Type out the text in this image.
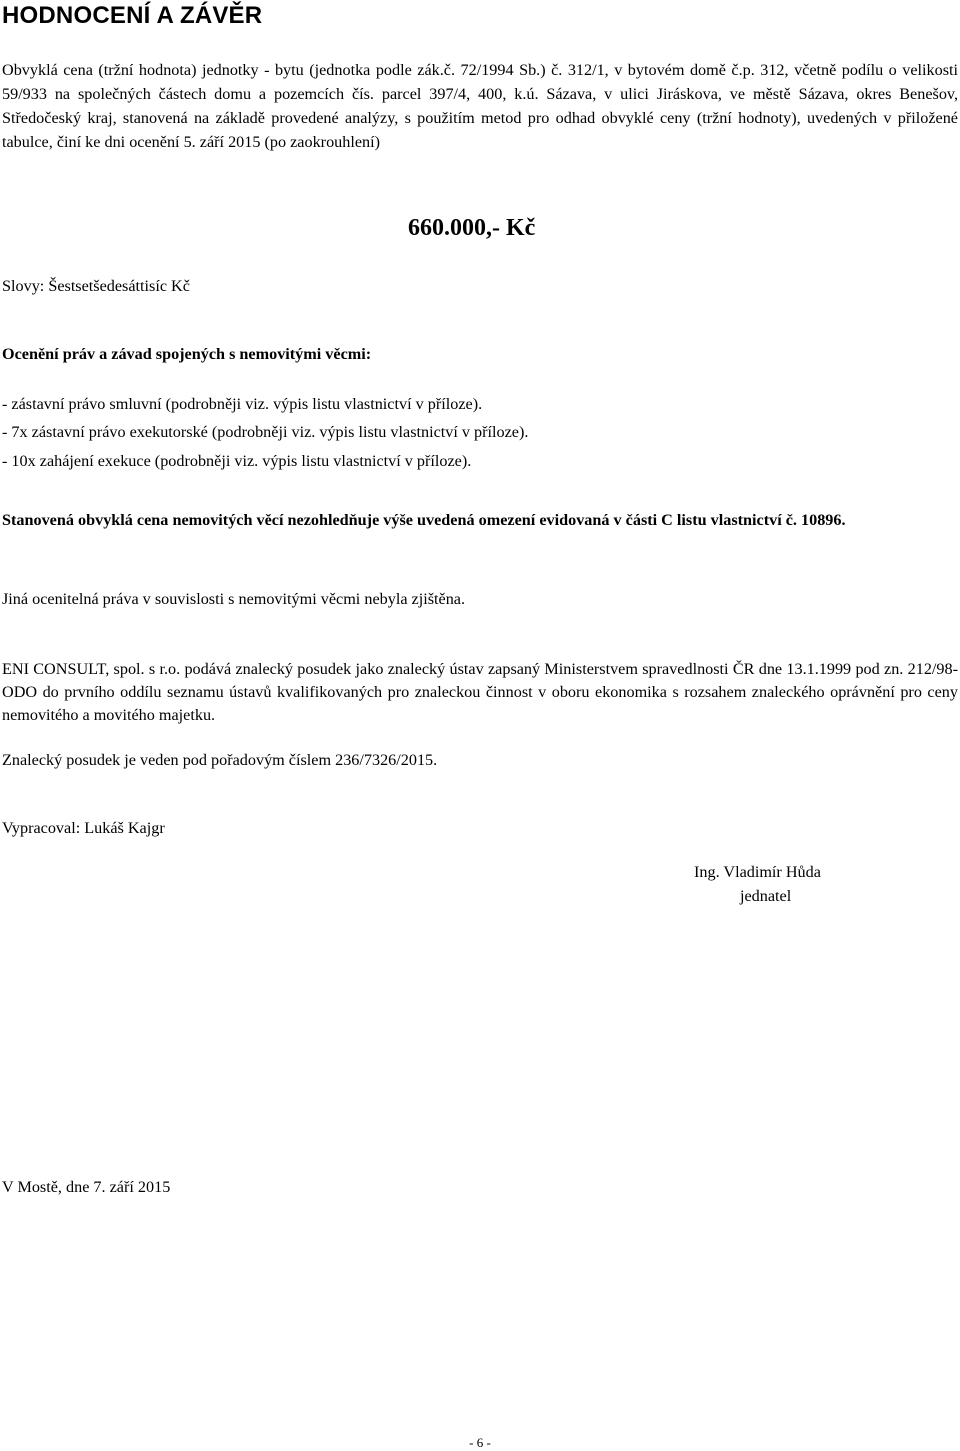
HODNOCENÍ A ZÁVĚR
Obvyklá cena (tržní hodnota) jednotky - bytu (jednotka podle zák.č. 72/1994 Sb.) č. 312/1, v bytovém domě č.p. 312, včetně podílu o velikosti 59/933 na společných částech domu a pozemcích čís. parcel 397/4, 400, k.ú. Sázava, v ulici Jiráskova, ve městě Sázava, okres Benešov, Středočeský kraj, stanovená na základě provedené analýzy, s použitím metod pro odhad obvyklé ceny (tržní hodnoty), uvedených v přiložené tabulce, činí ke dni ocenění 5. září 2015 (po zaokrouhlení)
660.000,- Kč
Slovy: Šestsetšedesáttisíc Kč
Ocenění práv a závad spojených s nemovitými věcmi:
- zástavní právo smluvní (podrobněji viz. výpis listu vlastnictví v příloze).
- 7x zástavní právo exekutorské (podrobněji viz. výpis listu vlastnictví v příloze).
- 10x zahájení exekuce (podrobněji viz. výpis listu vlastnictví v příloze).
Stanovená obvyklá cena nemovitých věcí nezohledňuje výše uvedená omezení evidovaná v části C listu vlastnictví č. 10896.
Jiná ocenitelná práva v souvislosti s nemovitými věcmi nebyla zjištěna.
ENI CONSULT, spol. s r.o. podává znalecký posudek jako znalecký ústav zapsaný Ministerstvem spravedlnosti ČR dne 13.1.1999 pod zn. 212/98-ODO do prvního oddílu seznamu ústavů kvalifikovaných pro znaleckou činnost v oboru ekonomika s rozsahem znaleckého oprávnění pro ceny nemovitého a movitého majetku.
Znalecký posudek je veden pod pořadovým číslem 236/7326/2015.
Vypracoval: Lukáš Kajgr
Ing. Vladimír Hůda
jednatel
V Mostě, dne 7. září 2015
- 6 -
